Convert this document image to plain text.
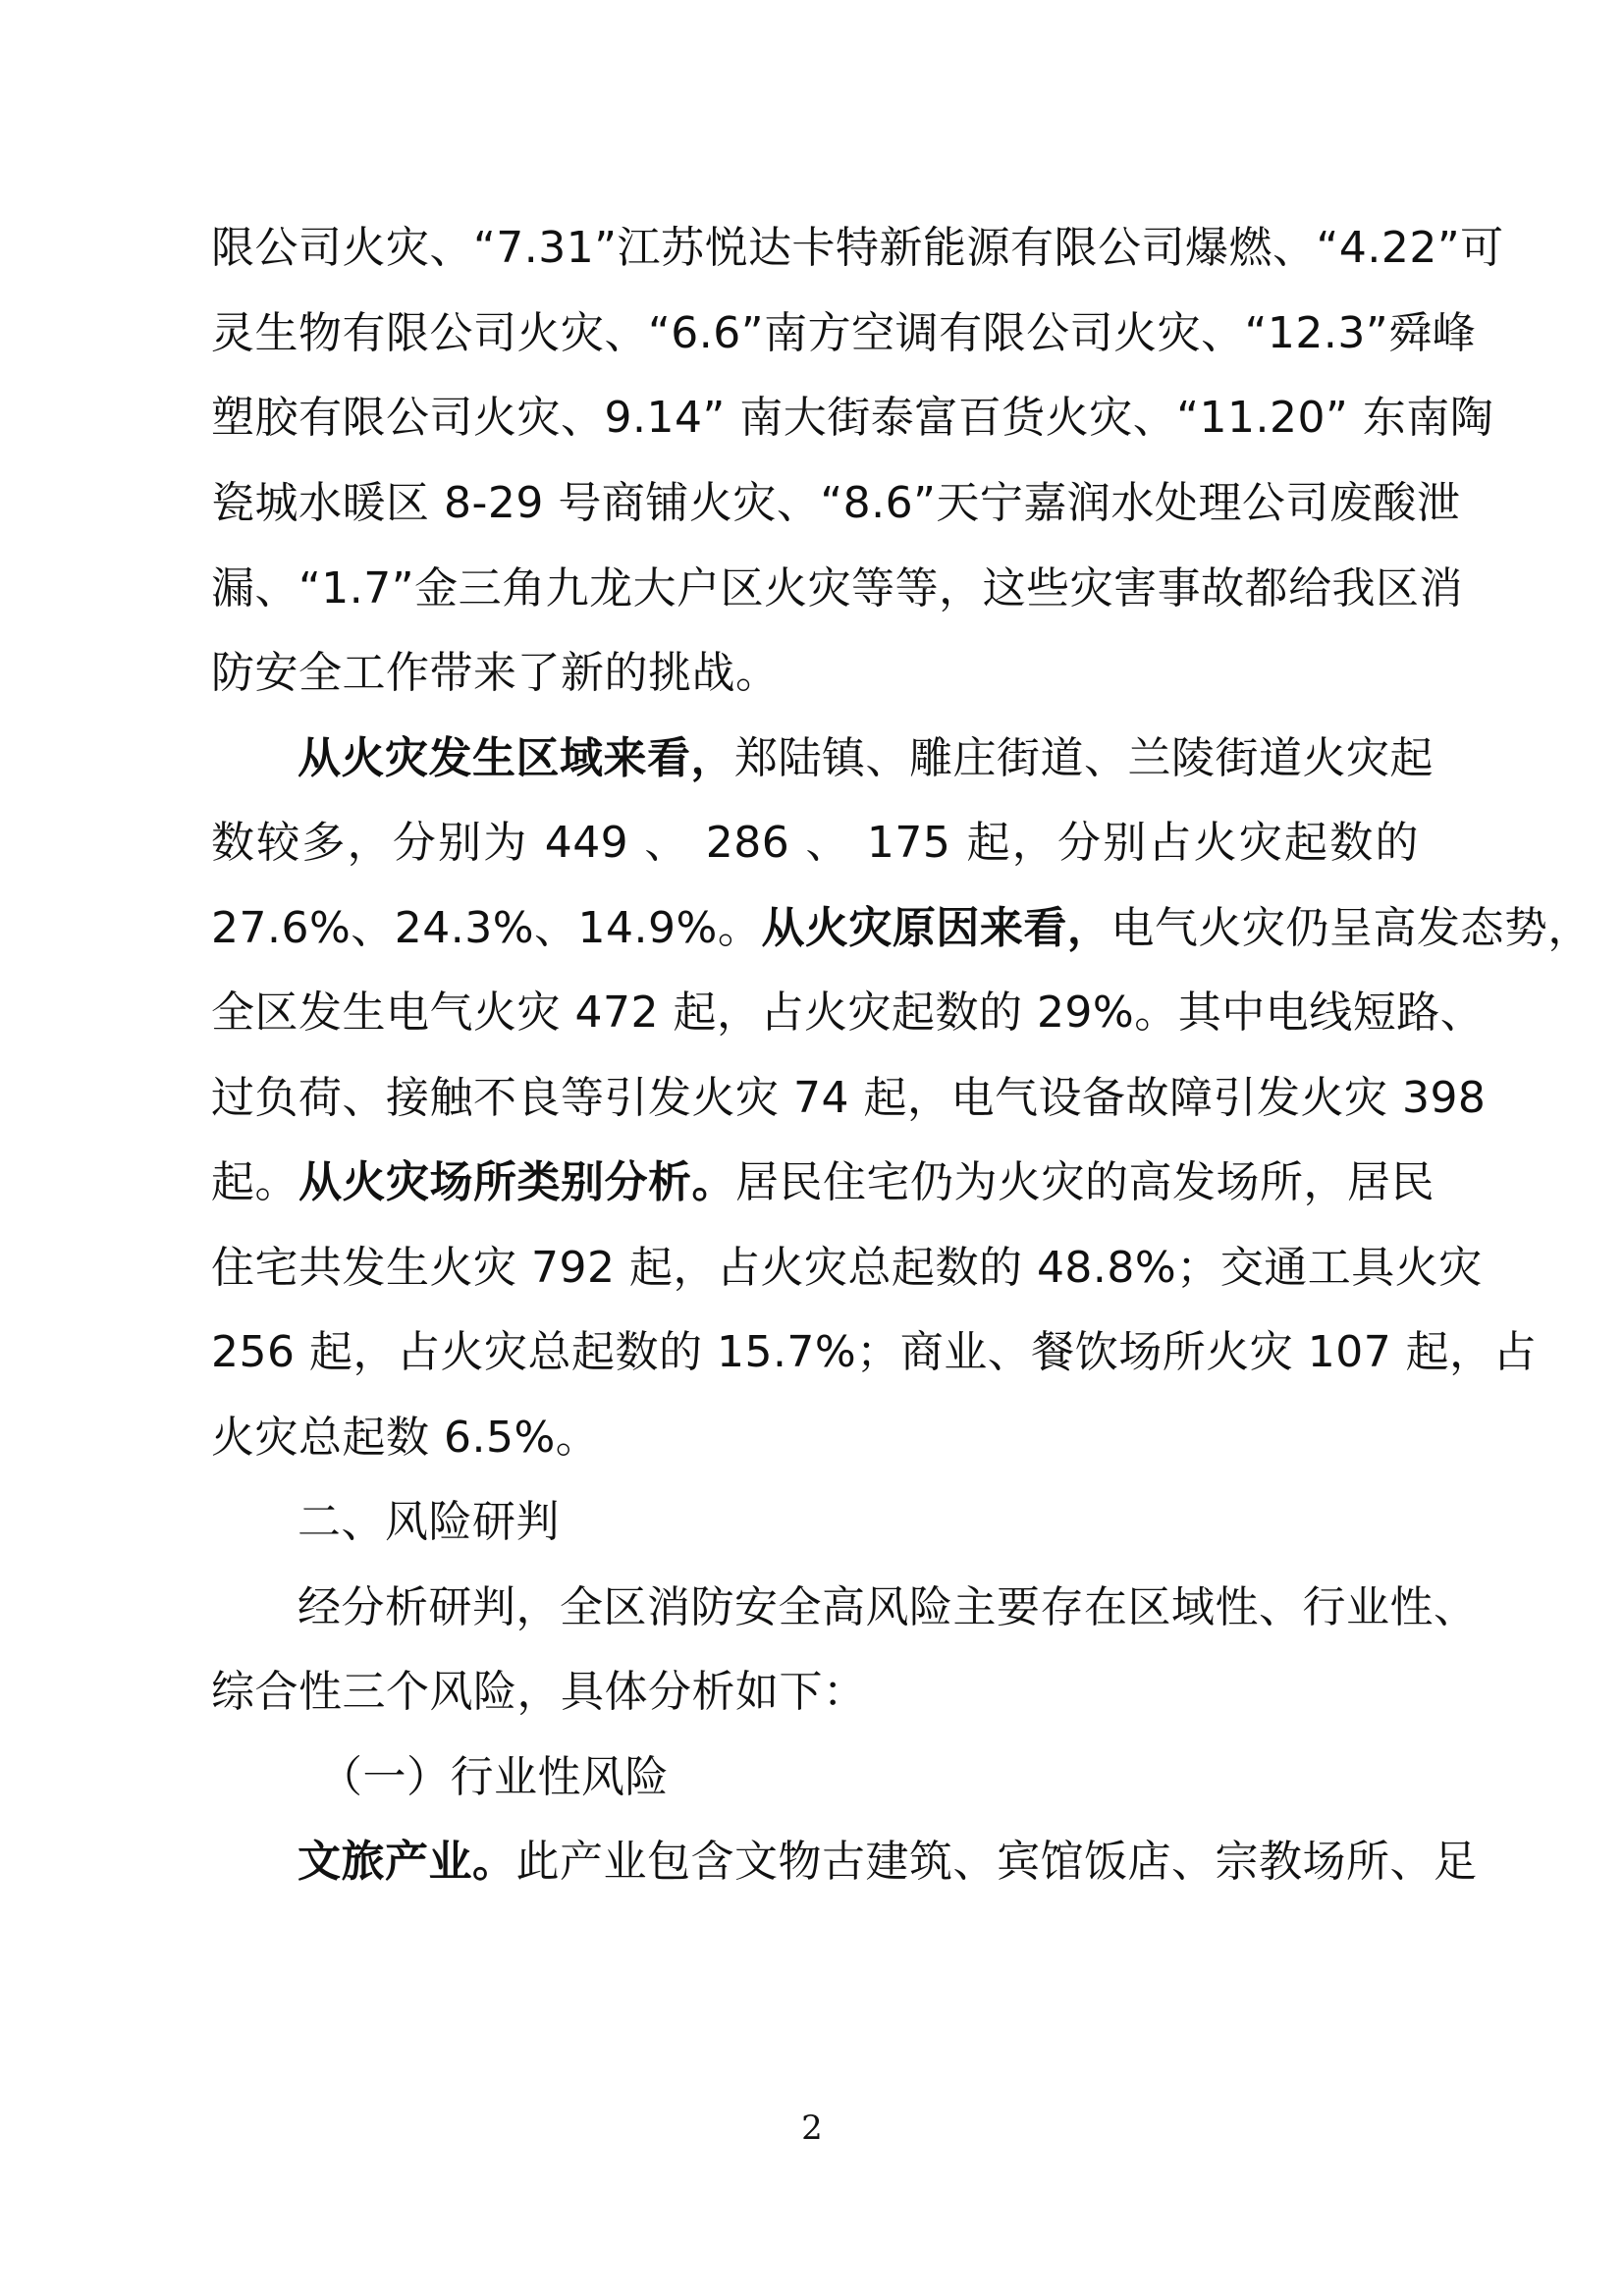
限公司火灾、“7.31”江苏悦达卡特新能源有限公司爆燃、“4.22”可
灵生物有限公司火灾、“6.6”南方空调有限公司火灾、“12.3”舜峰
塑胶有限公司火灾、9.14” 南大街泰富百货火灾、“11.20” 东南陶
瓷城水暖区 8-29 号商铺火灾、“8.6”天宁嘉润水处理公司废酸泄
漏、“1.7”金三角九龙大户区火灾等等，这些灾害事故都给我区消
防安全工作带来了新的挑战。
从火灾发生区域来看，郑陆镇、雕庄街道、兰陵街道火灾起
数较多，分别为 449 、 286 、 175 起，分别占火灾起数的
27.6%、24.3%、14.9%。从火灾原因来看，电气火灾仍呈高发态势，
全区发生电气火灾 472 起，占火灾起数的 29%。其中电线短路、
过负荷、接触不良等引发火灾 74 起，电气设备故障引发火灾 398
起。从火灾场所类别分析。居民住宅仍为火灾的高发场所，居民
住宅共发生火灾 792 起，占火灾总起数的 48.8%；交通工具火灾
256 起，占火灾总起数的 15.7%；商业、餐饮场所火灾 107 起，占
火灾总起数 6.5%。
二、风险研判
经分析研判，全区消防安全高风险主要存在区域性、行业性、
综合性三个风险，具体分析如下：
（一）行业性风险
文旅产业。此产业包含文物古建筑、宾馆饭店、宗教场所、足
2
